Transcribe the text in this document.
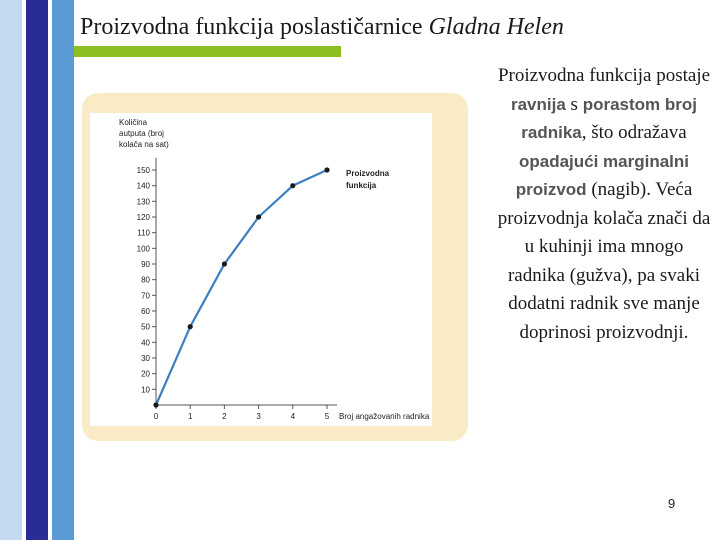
Proizvodna funkcija poslastičarnice Gladna Helen
Količina
autputa (broj
kolača na sat)
10
20
30
40
50
60
70
80
90
100
110
120
130
140
150
0	1	2	3	4	5
Proizvodna
funkcija
Broj angažovanih radnika
Proizvodna funkcija postaje ravnija s porastom broj radnika, što odražava opadajući marginalni proizvod (nagib). Veća proizvodnja kolača znači da u kuhinji ima mnogo radnika (gužva), pa svaki dodatni radnik sve manje doprinosi proizvodnji.
9
